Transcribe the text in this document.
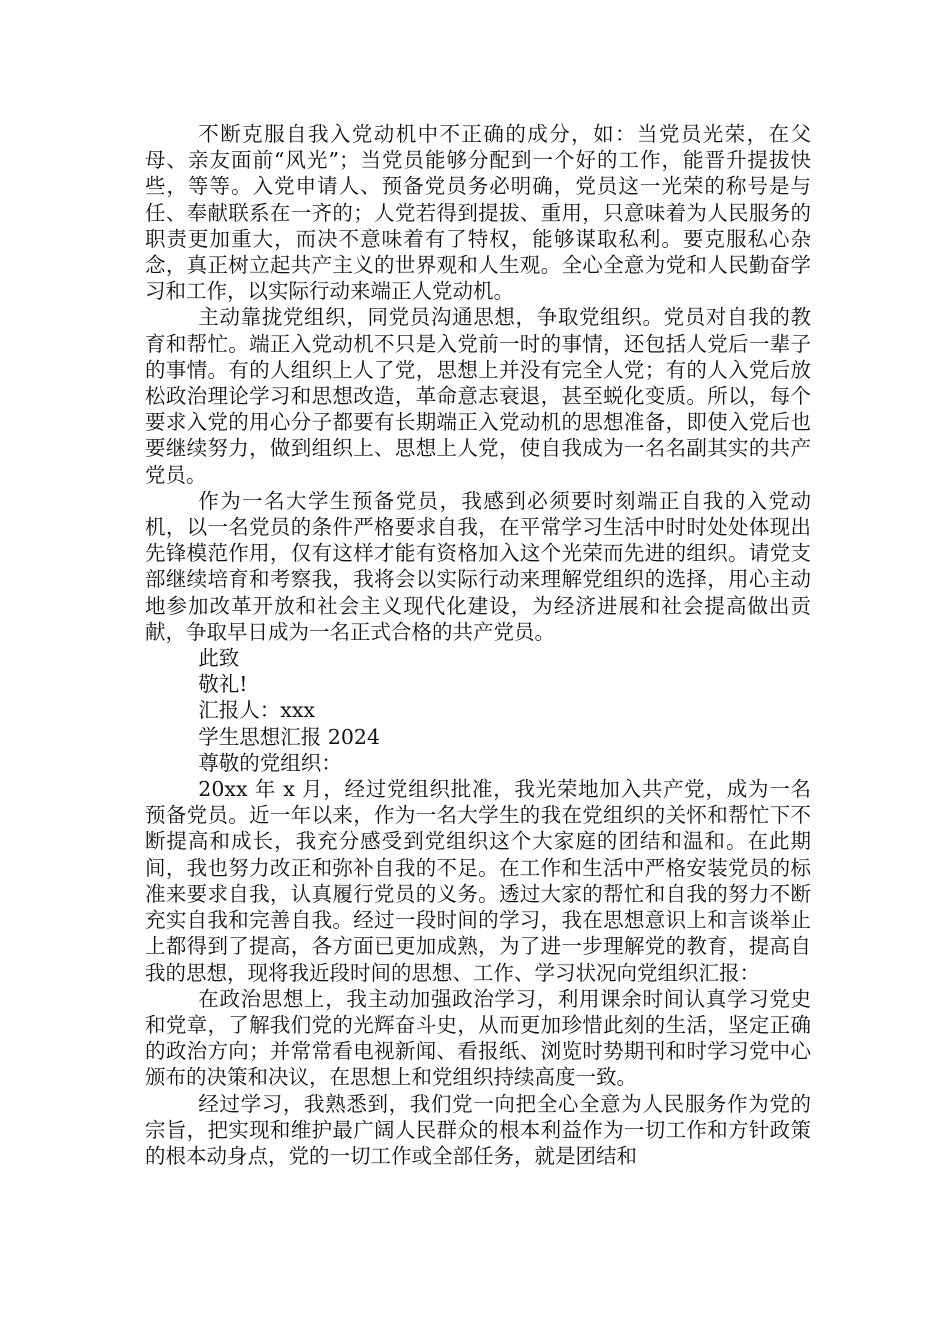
不断克服自我入党动机中不正确的成分，如：当党员光荣，在父母、亲友面前“风光”；当党员能够分配到一个好的工作，能晋升提拔快些，等等。入党申请人、预备党员务必明确，党员这一光荣的称号是与任、奉献联系在一齐的；人党若得到提拔、重用，只意味着为人民服务的职责更加重大，而决不意味着有了特权，能够谋取私利。要克服私心杂念，真正树立起共产主义的世界观和人生观。全心全意为党和人民勤奋学习和工作，以实际行动来端正人党动机。

主动靠拢党组织，同党员沟通思想，争取党组织。党员对自我的教育和帮忙。端正入党动机不只是入党前一时的事情，还包括人党后一辈子的事情。有的人组织上人了党，思想上并没有完全人党；有的人入党后放松政治理论学习和思想改造，革命意志衰退，甚至蜕化变质。所以，每个要求入党的用心分子都要有长期端正入党动机的思想准备，即使入党后也要继续努力，做到组织上、思想上人党，使自我成为一名名副其实的共产党员。

作为一名大学生预备党员，我感到必须要时刻端正自我的入党动机，以一名党员的条件严格要求自我，在平常学习生活中时时处处体现出先锋模范作用，仅有这样才能有资格加入这个光荣而先进的组织。请党支部继续培育和考察我，我将会以实际行动来理解党组织的选择，用心主动地参加改革开放和社会主义现代化建设，为经济进展和社会提高做出贡献，争取早日成为一名正式合格的共产党员。

此致

敬礼!

汇报人：xxx

学生思想汇报 2024

尊敬的党组织：

20xx 年 x 月，经过党组织批准，我光荣地加入共产党，成为一名预备党员。近一年以来，作为一名大学生的我在党组织的关怀和帮忙下不断提高和成长，我充分感受到党组织这个大家庭的团结和温和。在此期间，我也努力改正和弥补自我的不足。在工作和生活中严格安装党员的标准来要求自我，认真履行党员的义务。透过大家的帮忙和自我的努力不断充实自我和完善自我。经过一段时间的学习，我在思想意识上和言谈举止上都得到了提高，各方面已更加成熟，为了进一步理解党的教育，提高自我的思想，现将我近段时间的思想、工作、学习状况向党组织汇报：

在政治思想上，我主动加强政治学习，利用课余时间认真学习党史和党章，了解我们党的光辉奋斗史，从而更加珍惜此刻的生活，坚定正确的政治方向；并常常看电视新闻、看报纸、浏览时势期刊和时学习党中心颁布的决策和决议，在思想上和党组织持续高度一致。

经过学习，我熟悉到，我们党一向把全心全意为人民服务作为党的宗旨，把实现和维护最广阔人民群众的根本利益作为一切工作和方针政策的根本动身点，党的一切工作或全部任务，就是团结和
